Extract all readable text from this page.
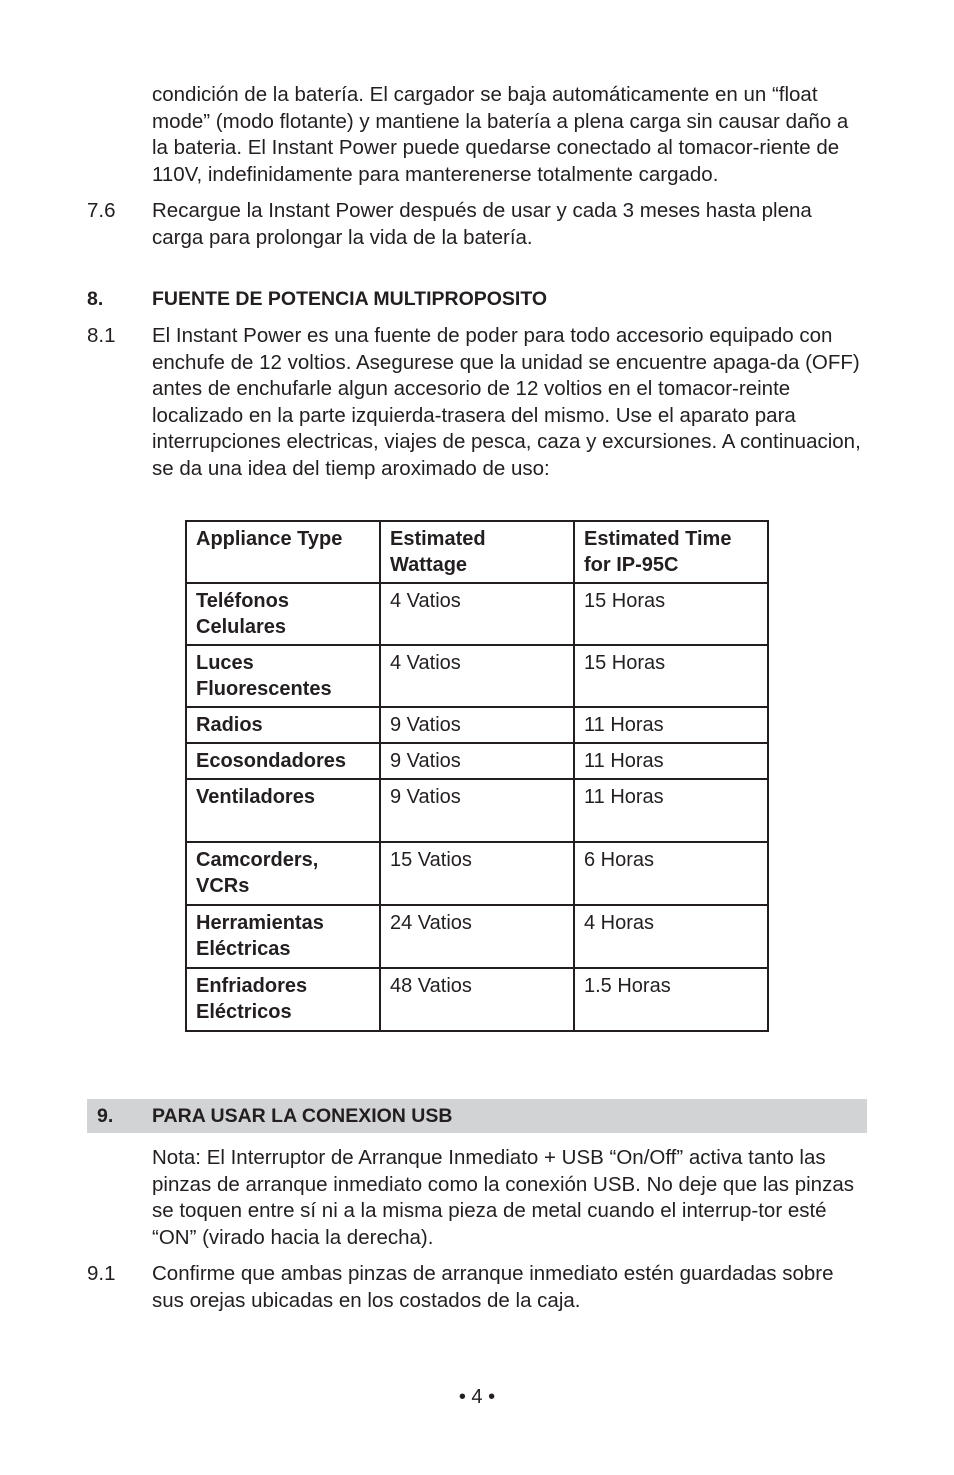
condición de la batería. El cargador se baja automáticamente en un “float mode” (modo flotante) y mantiene la batería a plena carga sin causar daño a la bateria. El Instant Power puede quedarse conectado al tomacor-riente de 110V, indefinidamente para manterenerse totalmente cargado.

7.6 Recargue la Instant Power después de usar y cada 3 meses hasta plena carga para prolongar la vida de la batería.

8. FUENTE DE POTENCIA MULTIPROPOSITO
8.1 El Instant Power es una fuente de poder para todo accesorio equipado con enchufe de 12 voltios. Asegurese que la unidad se encuentre apaga-da (OFF) antes de enchufarle algun accesorio de 12 voltios en el tomacor-reinte localizado en la parte izquierda-trasera del mismo. Use el aparato para interrupciones electricas, viajes de pesca, caza y excursiones. A continuacion, se da una idea del tiemp aroximado de uso:

Appliance Type	Estimated Wattage	Estimated Time for IP-95C
Teléfonos Celulares	4 Vatios	15 Horas
Luces Fluorescentes	4 Vatios	15 Horas
Radios	9 Vatios	11 Horas
Ecosondadores	9 Vatios	11 Horas
Ventiladores	9 Vatios	11 Horas
Camcorders, VCRs	15 Vatios	6 Horas
Herramientas Eléctricas	24 Vatios	4 Horas
Enfriadores Eléctricos	48 Vatios	1.5 Horas
9. PARA USAR LA CONEXION USB

Nota: El Interruptor de Arranque Inmediato + USB “On/Off” activa tanto las pinzas de arranque inmediato como la conexión USB. No deje que las pinzas se toquen entre sí ni a la misma pieza de metal cuando el interrup-tor esté “ON” (virado hacia la derecha).

9.1 Confirme que ambas pinzas de arranque inmediato estén guardadas sobre sus orejas ubicadas en los costados de la caja.

• 4 •
